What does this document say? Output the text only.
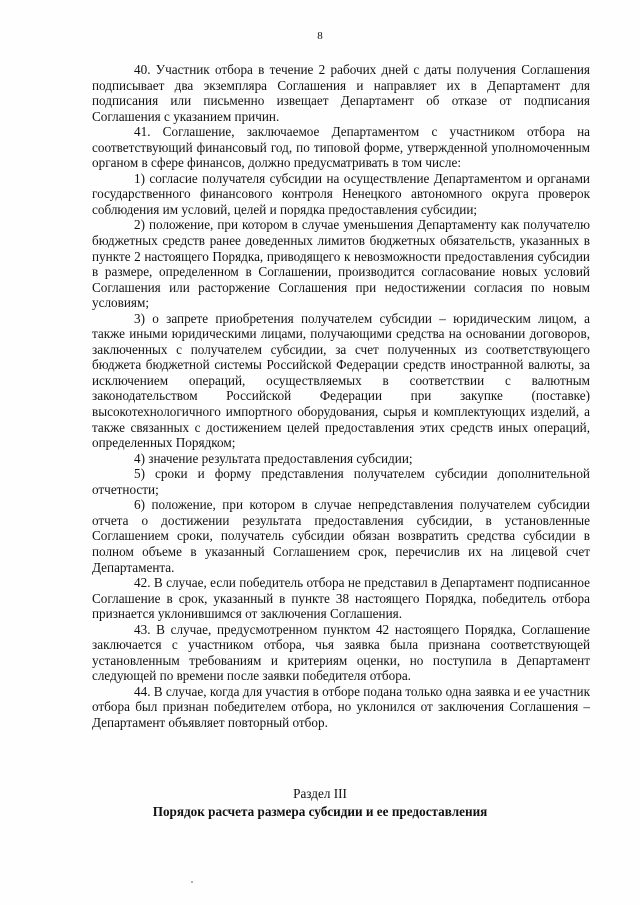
8

40. Участник отбора в течение 2 рабочих дней с даты получения Соглашения подписывает два экземпляра Соглашения и направляет их в Департамент для подписания или письменно извещает Департамент об отказе от подписания Соглашения с указанием причин.

41. Соглашение, заключаемое Департаментом с участником отбора на соответствующий финансовый год, по типовой форме, утвержденной уполномоченным органом в сфере финансов, должно предусматривать в том числе:

1) согласие получателя субсидии на осуществление Департаментом и органами государственного финансового контроля Ненецкого автономного округа проверок соблюдения им условий, целей и порядка предоставления субсидии;

2) положение, при котором в случае уменьшения Департаменту как получателю бюджетных средств ранее доведенных лимитов бюджетных обязательств, указанных в пункте 2 настоящего Порядка, приводящего к невозможности предоставления субсидии в размере, определенном в Соглашении, производится согласование новых условий Соглашения или расторжение Соглашения при недостижении согласия по новым условиям;

3) о запрете приобретения получателем субсидии – юридическим лицом, а также иными юридическими лицами, получающими средства на основании договоров, заключенных с получателем субсидии, за счет полученных из соответствующего бюджета бюджетной системы Российской Федерации средств иностранной валюты, за исключением операций, осуществляемых в соответствии с валютным законодательством Российской Федерации при закупке (поставке) высокотехнологичного импортного оборудования, сырья и комплектующих изделий, а также связанных с достижением целей предоставления этих средств иных операций, определенных Порядком;

4) значение результата предоставления субсидии;

5) сроки и форму представления получателем субсидии дополнительной отчетности;

6) положение, при котором в случае непредставления получателем субсидии отчета о достижении результата предоставления субсидии, в установленные Соглашением сроки, получатель субсидии обязан возвратить средства субсидии в полном объеме в указанный Соглашением срок, перечислив их на лицевой счет Департамента.

42. В случае, если победитель отбора не представил в Департамент подписанное Соглашение в срок, указанный в пункте 38 настоящего Порядка, победитель отбора признается уклонившимся от заключения Соглашения.

43. В случае, предусмотренном пунктом 42 настоящего Порядка, Соглашение заключается с участником отбора, чья заявка была признана соответствующей установленным требованиям и критериям оценки, но поступила в Департамент следующей по времени после заявки победителя отбора.

44. В случае, когда для участия в отборе подана только одна заявка и ее участник отбора был признан победителем отбора, но уклонился от заключения Соглашения – Департамент объявляет повторный отбор.

Раздел III
Порядок расчета размера субсидии и ее предоставления
